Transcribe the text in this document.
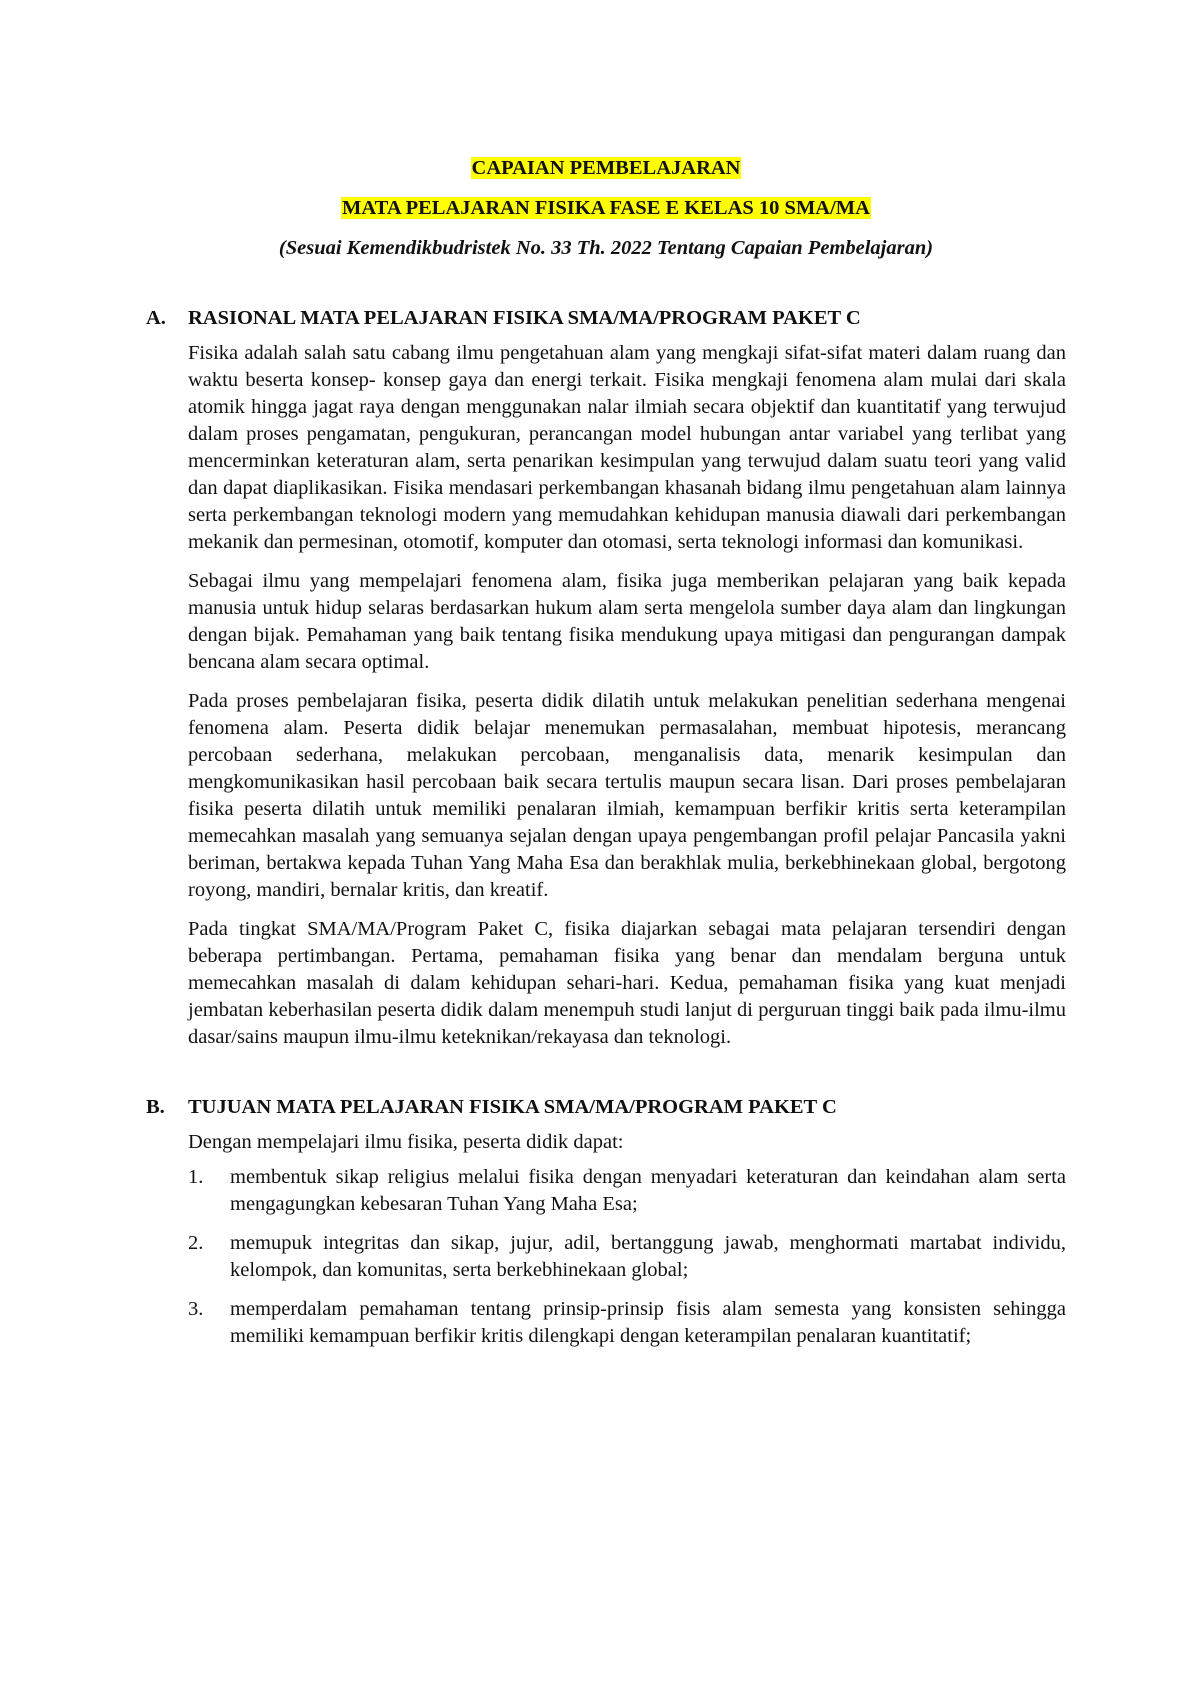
CAPAIAN PEMBELAJARAN

MATA PELAJARAN FISIKA FASE E KELAS 10 SMA/MA

(Sesuai Kemendikbudristek No. 33 Th. 2022 Tentang Capaian Pembelajaran)

A.	RASIONAL MATA PELAJARAN FISIKA SMA/MA/PROGRAM PAKET C

Fisika adalah salah satu cabang ilmu pengetahuan alam yang mengkaji sifat-sifat materi dalam ruang dan waktu beserta konsep- konsep gaya dan energi terkait. Fisika mengkaji fenomena alam mulai dari skala atomik hingga jagat raya dengan menggunakan nalar ilmiah secara objektif dan kuantitatif yang terwujud dalam proses pengamatan, pengukuran, perancangan model hubungan antar variabel yang terlibat yang mencerminkan keteraturan alam, serta penarikan kesimpulan yang terwujud dalam suatu teori yang valid dan dapat diaplikasikan. Fisika mendasari perkembangan khasanah bidang ilmu pengetahuan alam lainnya serta perkembangan teknologi modern yang memudahkan kehidupan manusia diawali dari perkembangan mekanik dan permesinan, otomotif, komputer dan otomasi, serta teknologi informasi dan komunikasi.

Sebagai ilmu yang mempelajari fenomena alam, fisika juga memberikan pelajaran yang baik kepada manusia untuk hidup selaras berdasarkan hukum alam serta mengelola sumber daya alam dan lingkungan dengan bijak. Pemahaman yang baik tentang fisika mendukung upaya mitigasi dan pengurangan dampak bencana alam secara optimal.

Pada proses pembelajaran fisika, peserta didik dilatih untuk melakukan penelitian sederhana mengenai fenomena alam. Peserta didik belajar menemukan permasalahan, membuat hipotesis, merancang percobaan sederhana, melakukan percobaan, menganalisis data, menarik kesimpulan dan mengkomunikasikan hasil percobaan baik secara tertulis maupun secara lisan. Dari proses pembelajaran fisika peserta dilatih untuk memiliki penalaran ilmiah, kemampuan berfikir kritis serta keterampilan memecahkan masalah yang semuanya sejalan dengan upaya pengembangan profil pelajar Pancasila yakni beriman, bertakwa kepada Tuhan Yang Maha Esa dan berakhlak mulia, berkebhinekaan global, bergotong royong, mandiri, bernalar kritis, dan kreatif.

Pada tingkat SMA/MA/Program Paket C, fisika diajarkan sebagai mata pelajaran tersendiri dengan beberapa pertimbangan. Pertama, pemahaman fisika yang benar dan mendalam berguna untuk memecahkan masalah di dalam kehidupan sehari-hari. Kedua, pemahaman fisika yang kuat menjadi jembatan keberhasilan peserta didik dalam menempuh studi lanjut di perguruan tinggi baik pada ilmu-ilmu dasar/sains maupun ilmu-ilmu keteknikan/rekayasa dan teknologi.

B.	TUJUAN MATA PELAJARAN FISIKA SMA/MA/PROGRAM PAKET C

Dengan mempelajari ilmu fisika, peserta didik dapat:

1.	membentuk sikap religius melalui fisika dengan menyadari keteraturan dan keindahan alam serta mengagungkan kebesaran Tuhan Yang Maha Esa;
2.	memupuk integritas dan sikap, jujur, adil, bertanggung jawab, menghormati martabat individu, kelompok, dan komunitas, serta berkebhinekaan global;
3.	memperdalam pemahaman tentang prinsip-prinsip fisis alam semesta yang konsisten sehingga memiliki kemampuan berfikir kritis dilengkapi dengan keterampilan penalaran kuantitatif;
